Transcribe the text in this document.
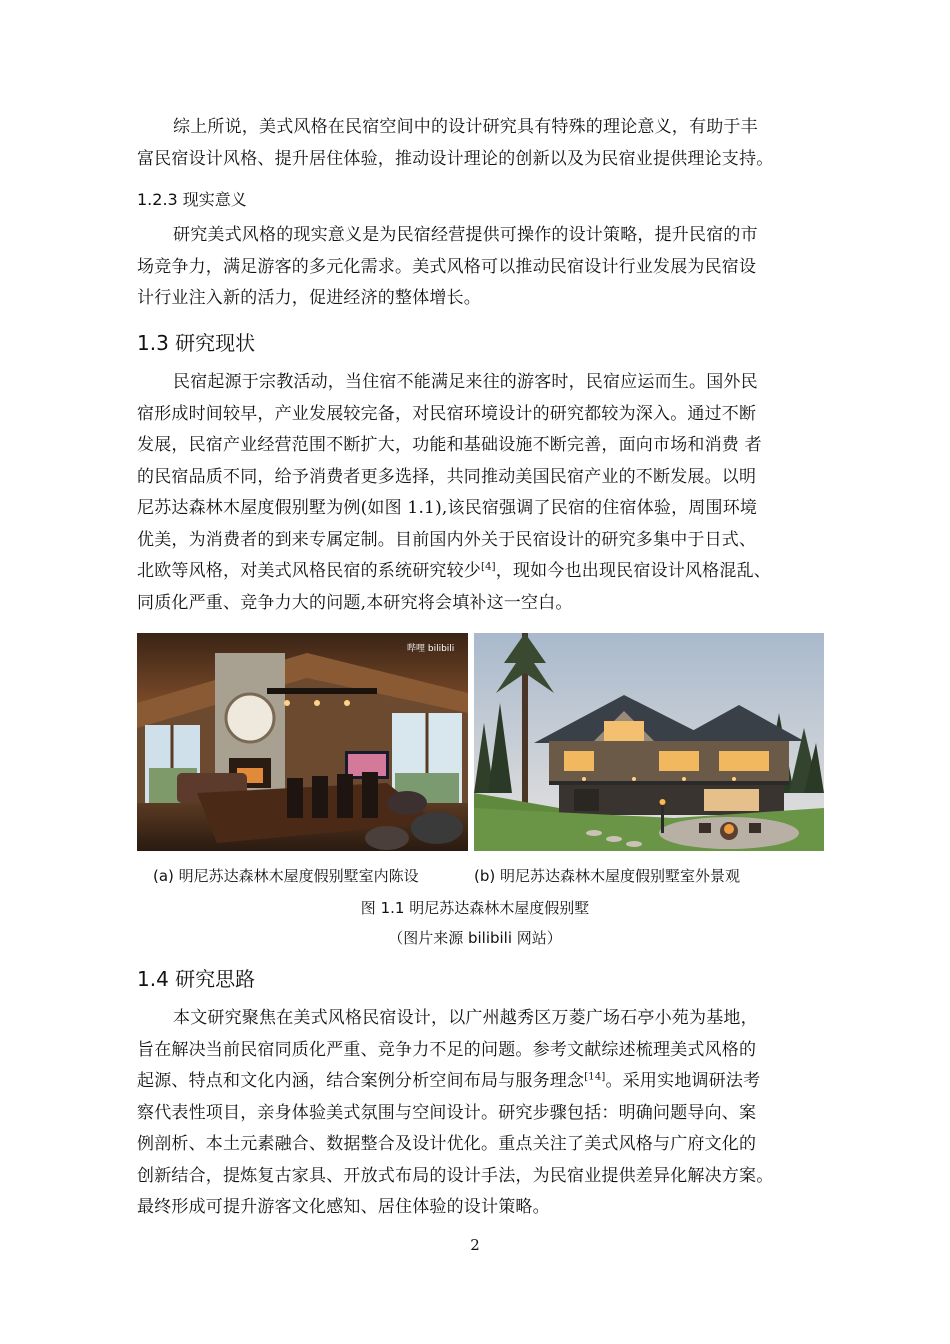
综上所说，美式风格在民宿空间中的设计研究具有特殊的理论意义，有助于丰
富民宿设计风格、提升居住体验，推动设计理论的创新以及为民宿业提供理论支持。
1.2.3 现实意义
研究美式风格的现实意义是为民宿经营提供可操作的设计策略，提升民宿的市
场竞争力，满足游客的多元化需求。美式风格可以推动民宿设计行业发展为民宿设
计行业注入新的活力，促进经济的整体增长。
1.3 研究现状
民宿起源于宗教活动，当住宿不能满足来往的游客时，民宿应运而生。国外民
宿形成时间较早，产业发展较完备，对民宿环境设计的研究都较为深入。通过不断
发展，民宿产业经营范围不断扩大，功能和基础设施不断完善，面向市场和消费 者
的民宿品质不同，给予消费者更多选择，共同推动美国民宿产业的不断发展。以明
尼苏达森林木屋度假别墅为例(如图 1.1),该民宿强调了民宿的住宿体验，周围环境
优美，为消费者的到来专属定制。目前国内外关于民宿设计的研究多集中于日式、
北欧等风格，对美式风格民宿的系统研究较少[4]，现如今也出现民宿设计风格混乱、
同质化严重、竞争力大的问题,本研究将会填补这一空白。
哔哩 bilibili
(a) 明尼苏达森林木屋度假别墅室内陈设	(b) 明尼苏达森林木屋度假别墅室外景观
图 1.1 明尼苏达森林木屋度假别墅
（图片来源 bilibili 网站）
1.4 研究思路
本文研究聚焦在美式风格民宿设计，以广州越秀区万菱广场石亭小苑为基地，
旨在解决当前民宿同质化严重、竞争力不足的问题。参考文献综述梳理美式风格的
起源、特点和文化内涵，结合案例分析空间布局与服务理念[14]。采用实地调研法考
察代表性项目，亲身体验美式氛围与空间设计。研究步骤包括：明确问题导向、案
例剖析、本土元素融合、数据整合及设计优化。重点关注了美式风格与广府文化的
创新结合，提炼复古家具、开放式布局的设计手法，为民宿业提供差异化解决方案。
最终形成可提升游客文化感知、居住体验的设计策略。
2
